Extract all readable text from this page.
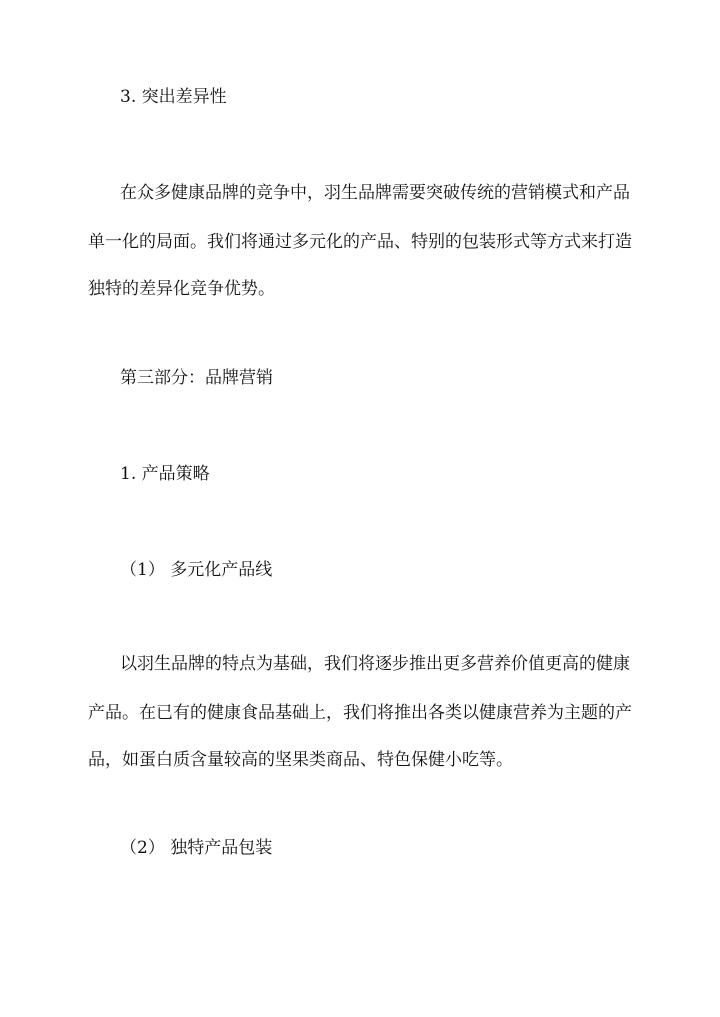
3. 突出差异性
在众多健康品牌的竞争中，羽生品牌需要突破传统的营销模式和产品
单一化的局面。我们将通过多元化的产品、特别的包装形式等方式来打造
独特的差异化竞争优势。
第三部分：品牌营销
1. 产品策略
（1） 多元化产品线
以羽生品牌的特点为基础，我们将逐步推出更多营养价值更高的健康
产品。在已有的健康食品基础上，我们将推出各类以健康营养为主题的产
品，如蛋白质含量较高的坚果类商品、特色保健小吃等。
（2） 独特产品包装
